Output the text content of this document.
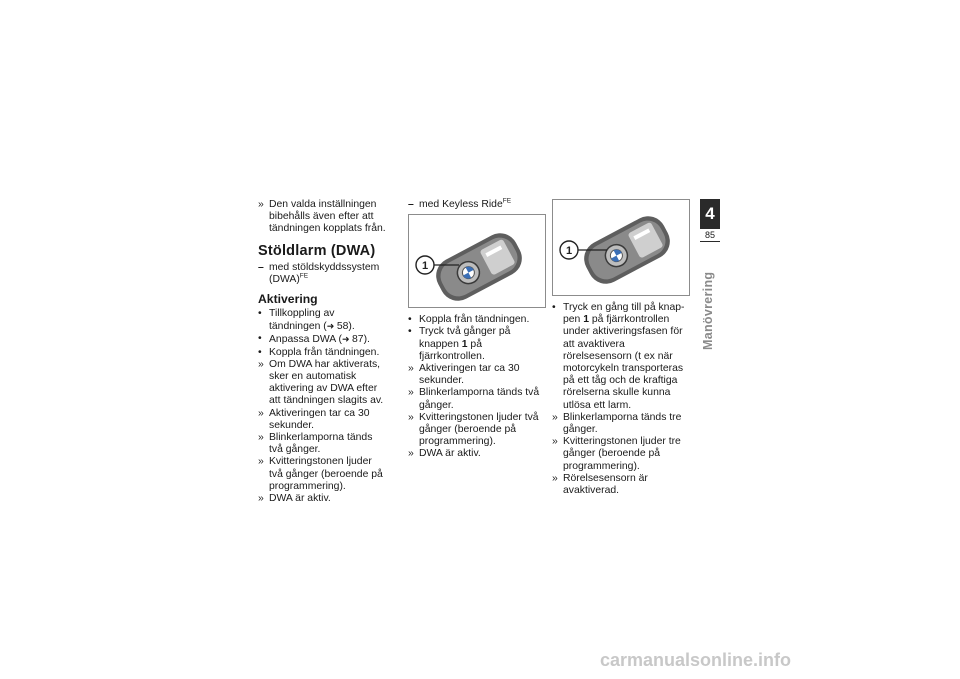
» Den valda inställningen bibehålls även efter att tändningen kopplats från.

Stöldlarm (DWA)

– med stöldskyddssystem (DWA)$^{FE}$

Aktivering

• Tillkoppling av tändningen (➜ 58).

• Anpassa DWA (➜ 87).

• Koppla från tändningen.

» Om DWA har aktiverats, sker en automatisk aktivering av DWA efter att tändningen slagits av.

» Aktiveringen tar ca 30 sekunder.

» Blinkerlamporna tänds två gånger.

» Kvitteringstonen ljuder två gånger (beroende på programmering).

» DWA är aktiv.

– med Keyless Ride$^{FE}$

1

• Koppla från tändningen.

• Tryck två gånger på knappen 1 på fjärrkontrollen.

» Aktiveringen tar ca 30 sekunder.

» Blinkerlamporna tänds två gånger.

» Kvitteringstonen ljuder två gånger (beroende på programmering).

» DWA är aktiv.

1

• Tryck en gång till på knappen 1 på fjärrkontrollen under aktiveringsfasen för att avaktivera rörelsesensorn (t ex när motorcykeln transporteras på ett tåg och de kraftiga rörelserna skulle kunna utlösa ett larm.

» Blinkerlamporna tänds tre gånger.

» Kvitteringstonen ljuder tre gånger (beroende på programmering).

» Rörelsesensorn är avaktiverad.

4
85
Manövrering
carmanualsonline.info
